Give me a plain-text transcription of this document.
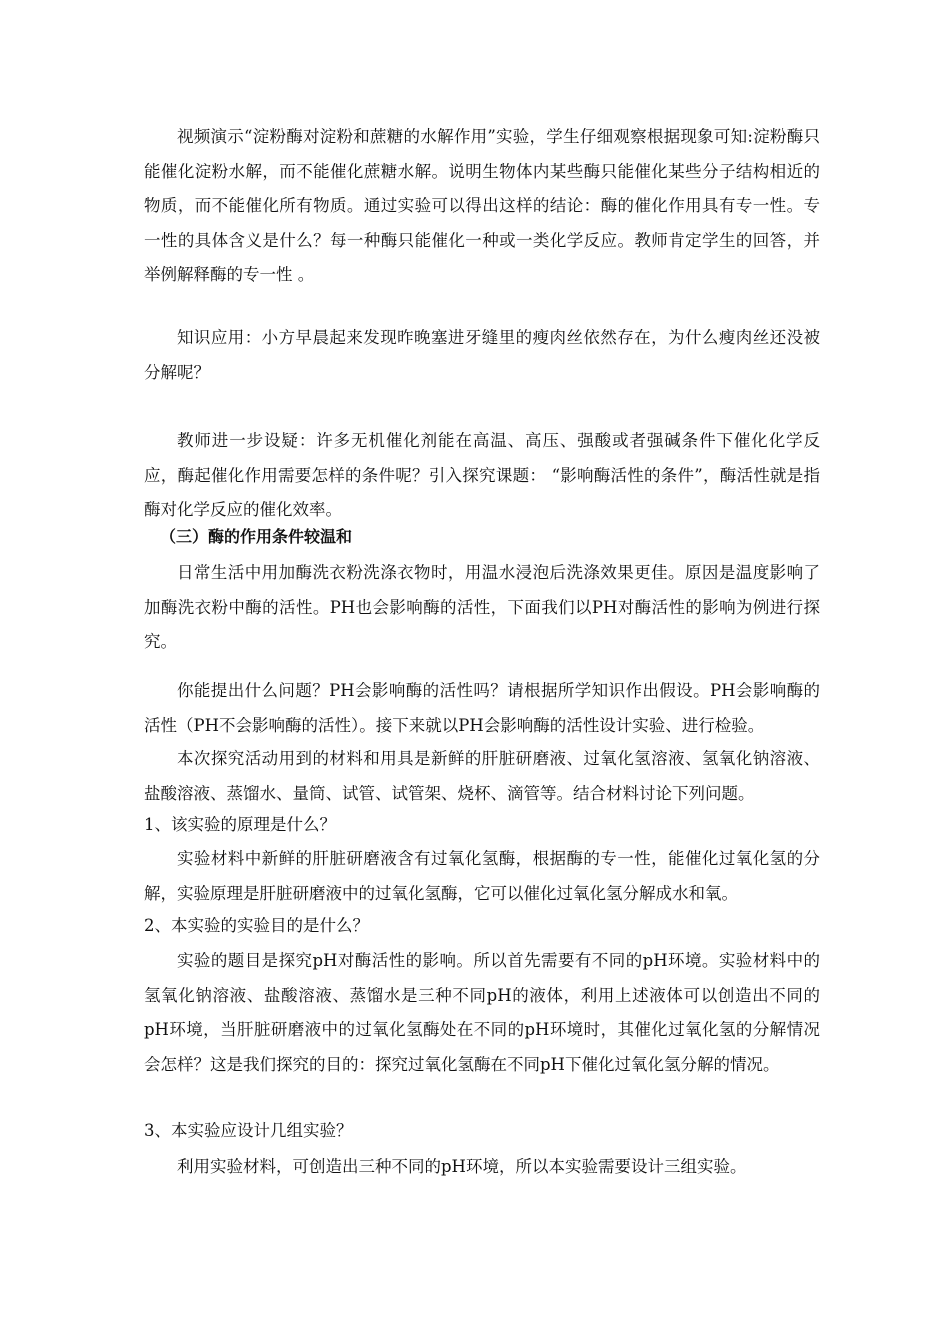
视频演示“淀粉酶对淀粉和蔗糖的水解作用”实验，学生仔细观察根据现象可知:淀粉酶只能催化淀粉水解，而不能催化蔗糖水解。说明生物体内某些酶只能催化某些分子结构相近的物质，而不能催化所有物质。通过实验可以得出这样的结论：酶的催化作用具有专一性。专一性的具体含义是什么？每一种酶只能催化一种或一类化学反应。教师肯定学生的回答，并举例解释酶的专一性 。

知识应用：小方早晨起来发现昨晚塞进牙缝里的瘦肉丝依然存在，为什么瘦肉丝还没被分解呢？

教师进一步设疑：许多无机催化剂能在高温、高压、强酸或者强碱条件下催化化学反应，酶起催化作用需要怎样的条件呢？引入探究课题： “影响酶活性的条件”，酶活性就是指酶对化学反应的催化效率。

（三）酶的作用条件较温和

日常生活中用加酶洗衣粉洗涤衣物时，用温水浸泡后洗涤效果更佳。原因是温度影响了加酶洗衣粉中酶的活性。PH也会影响酶的活性，下面我们以PH对酶活性的影响为例进行探究。

你能提出什么问题？PH会影响酶的活性吗？请根据所学知识作出假设。PH会影响酶的活性（PH不会影响酶的活性）。接下来就以PH会影响酶的活性设计实验、进行检验。

本次探究活动用到的材料和用具是新鲜的肝脏研磨液、过氧化氢溶液、氢氧化钠溶液、盐酸溶液、蒸馏水、量筒、试管、试管架、烧杯、滴管等。结合材料讨论下列问题。

1、该实验的原理是什么？

实验材料中新鲜的肝脏研磨液含有过氧化氢酶，根据酶的专一性，能催化过氧化氢的分解，实验原理是肝脏研磨液中的过氧化氢酶，它可以催化过氧化氢分解成水和氧。

2、本实验的实验目的是什么？

实验的题目是探究pH对酶活性的影响。所以首先需要有不同的pH环境。实验材料中的氢氧化钠溶液、盐酸溶液、蒸馏水是三种不同pH的液体，利用上述液体可以创造出不同的pH环境，当肝脏研磨液中的过氧化氢酶处在不同的pH环境时，其催化过氧化氢的分解情况会怎样？这是我们探究的目的：探究过氧化氢酶在不同pH下催化过氧化氢分解的情况。

3、本实验应设计几组实验？

利用实验材料，可创造出三种不同的pH环境，所以本实验需要设计三组实验。
